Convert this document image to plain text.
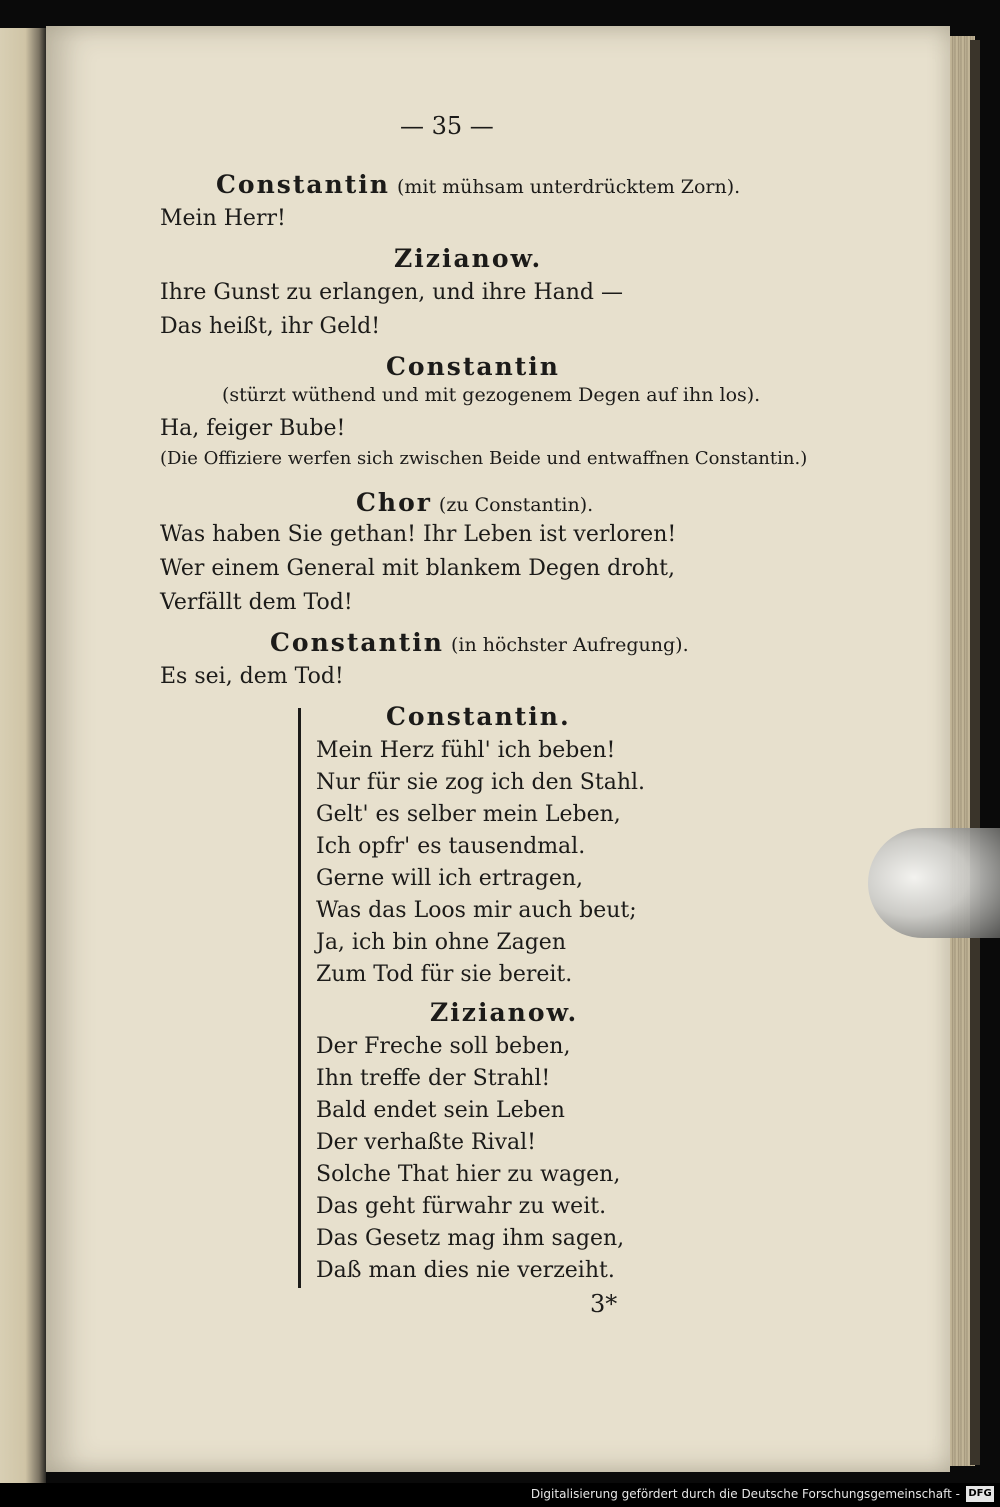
— 35 —
Constantin (mit mühsam unterdrücktem Zorn).
Mein Herr!
Zizianow.
Ihre Gunst zu erlangen, und ihre Hand —
Das heißt, ihr Geld!
Constantin
(stürzt wüthend und mit gezogenem Degen auf ihn los).
Ha, feiger Bube!
(Die Offiziere werfen sich zwischen Beide und entwaffnen Constantin.)
Chor (zu Constantin).
Was haben Sie gethan! Ihr Leben ist verloren!
Wer einem General mit blankem Degen droht,
Verfällt dem Tod!
Constantin (in höchster Aufregung).
Es sei, dem Tod!
Constantin.
Mein Herz fühl' ich beben!
Nur für sie zog ich den Stahl.
Gelt' es selber mein Leben,
Ich opfr' es tausendmal.
Gerne will ich ertragen,
Was das Loos mir auch beut;
Ja, ich bin ohne Zagen
Zum Tod für sie bereit.
Zizianow.
Der Freche soll beben,
Ihn treffe der Strahl!
Bald endet sein Leben
Der verhaßte Rival!
Solche That hier zu wagen,
Das geht fürwahr zu weit.
Das Gesetz mag ihm sagen,
Daß man dies nie verzeiht.
3*
Digitalisierung gefördert durch die Deutsche Forschungsgemeinschaft - DFG
